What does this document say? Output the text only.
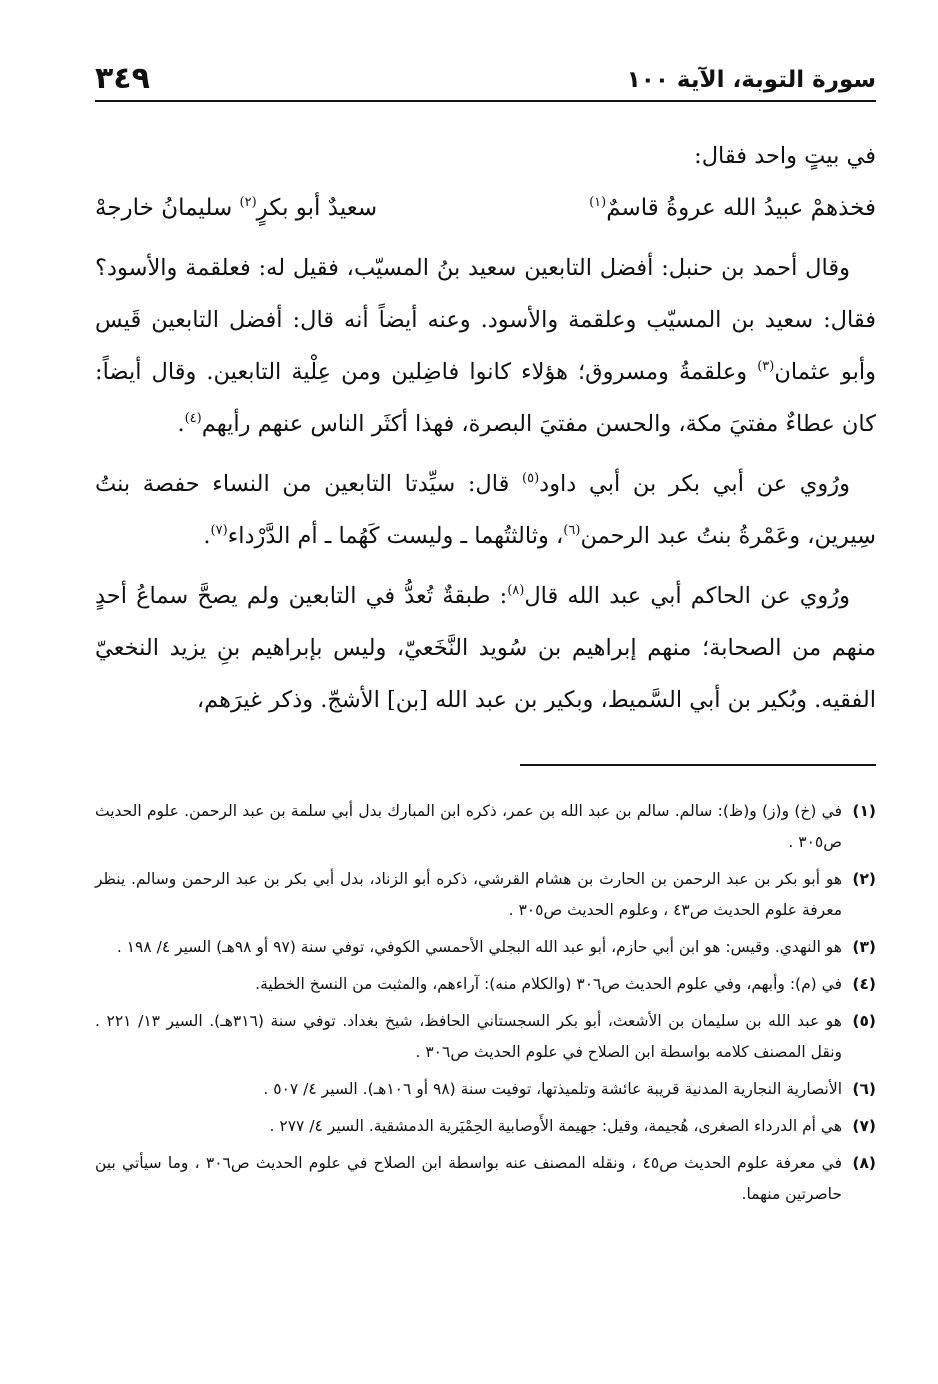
سورة التوبة، الآية ١٠٠
٣٤٩

في بيتٍ واحد فقال:

فخذهمْ عبيدُ الله عروةُ قاسمٌ$^{(١)}$
سعيدٌ أبو بكرٍ$^{(٢)}$ سليمانُ خارجهْ

وقال أحمد بن حنبل: أفضل التابعين سعيد بنُ المسيّب، فقيل له: فعلقمة والأسود؟ فقال: سعيد بن المسيّب وعلقمة والأسود. وعنه أيضاً أنه قال: أفضل التابعين قَيس وأبو عثمان$^{(٣)}$ وعلقمةُ ومسروق؛ هؤلاء كانوا فاضِلين ومن عِلْية التابعين. وقال أيضاً: كان عطاءٌ مفتيَ مكة، والحسن مفتيَ البصرة، فهذا أكثَر الناس عنهم رأيهم$^{(٤)}$.

ورُوي عن أبي بكر بن أبي داود$^{(٥)}$ قال: سيِّدتا التابعين من النساء حفصة بنتُ سِيرين، وعَمْرةُ بنتُ عبد الرحمن$^{(٦)}$، وثالثتُهما ـ وليست كَهُما ـ أم الدَّرْداء$^{(٧)}$.

ورُوي عن الحاكم أبي عبد الله قال$^{(٨)}$: طبقةٌ تُعدُّ في التابعين ولم يصحَّ سماعُ أحدٍ منهم من الصحابة؛ منهم إبراهيم بن سُويد النَّخَعيّ، وليس بإبراهيم بنِ يزيد النخعيّ الفقيه. وبُكير بن أبي السَّميط، وبكير بن عبد الله [بن] الأشجّ. وذكر غيرَهم،

(١)
في (خ) و(ز) و(ظ): سالم. سالم بن عبد الله بن عمر، ذكره ابن المبارك بدل أبي سلمة بن عبد الرحمن. علوم الحديث ص٣٠٥ .
(٢)
هو أبو بكر بن عبد الرحمن بن الحارث بن هشام القرشي، ذكره أبو الزناد، بدل أبي بكر بن عبد الرحمن وسالم. ينظر معرفة علوم الحديث ص٤٣ ، وعلوم الحديث ص٣٠٥ .
(٣)
هو النهدي. وقيس: هو ابن أبي حازم، أبو عبد الله البجلي الأحمسي الكوفي، توفي سنة (٩٧ أو ٩٨هـ) السير ٤/ ١٩٨ .
(٤)
في (م): وأبهم، وفي علوم الحديث ص٣٠٦ (والكلام منه): آراءهم، والمثبت من النسخ الخطية.
(٥)
هو عبد الله بن سليمان بن الأشعث، أبو بكر السجستاني الحافظ، شيخ بغداد. توفي سنة (٣١٦هـ). السير ١٣/ ٢٢١ . ونقل المصنف كلامه بواسطة ابن الصلاح في علوم الحديث ص٣٠٦ .
(٦)
الأنصارية النجارية المدنية قريبة عائشة وتلميذتها، توفيت سنة (٩٨ أو ١٠٦هـ). السير ٤/ ٥٠٧ .
(٧)
هي أم الدرداء الصغرى، هُجيمة، وقيل: جهيمة الأَوصابية الحِمْيَرية الدمشقية. السير ٤/ ٢٧٧ .
(٨)
في معرفة علوم الحديث ص٤٥ ، ونقله المصنف عنه بواسطة ابن الصلاح في علوم الحديث ص٣٠٦ ، وما سيأتي بين حاصرتين منهما.
